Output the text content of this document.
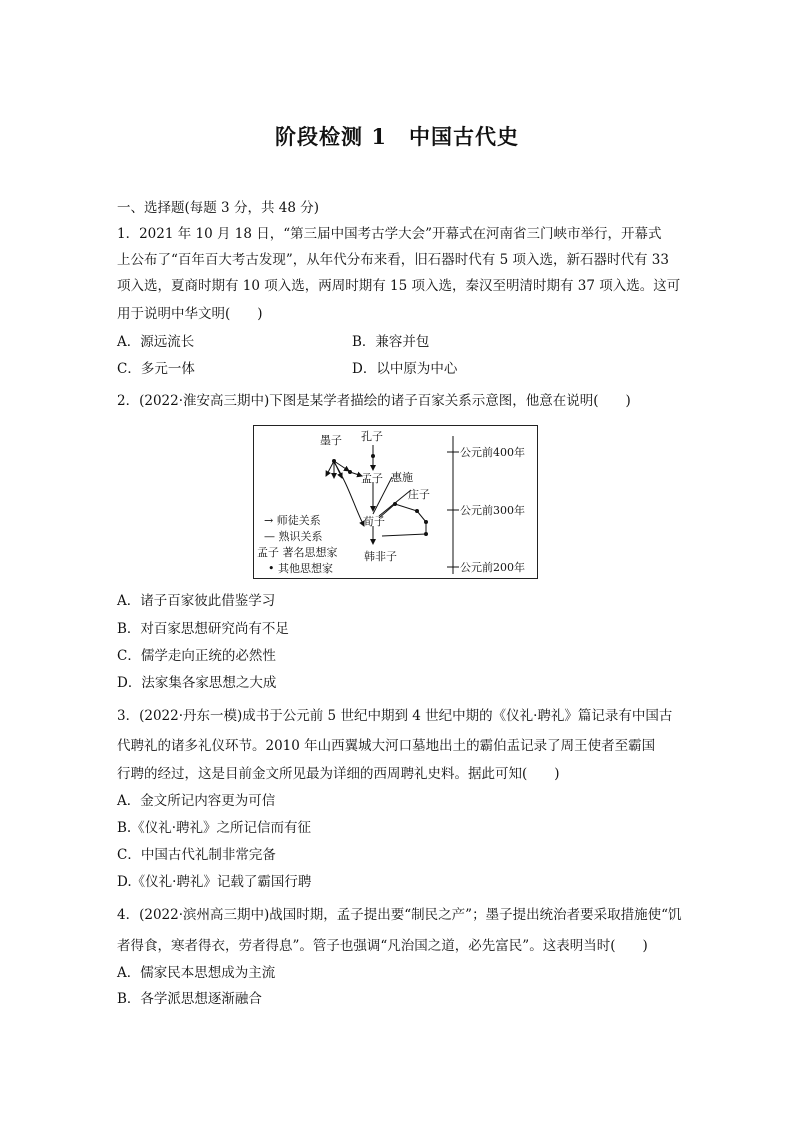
阶段检测 1　中国古代史
一、选择题(每题 3 分，共 48 分)
1．2021 年 10 月 18 日，“第三届中国考古学大会”开幕式在河南省三门峡市举行，开幕式
上公布了“百年百大考古发现”，从年代分布来看，旧石器时代有 5 项入选，新石器时代有 33
项入选，夏商时期有 10 项入选，两周时期有 15 项入选，秦汉至明清时期有 37 项入选。这可
用于说明中华文明(　　)
A．源远流长	B．兼容并包
C．多元一体	D．以中原为中心
2．(2022·淮安高三期中)下图是某学者描绘的诸子百家关系示意图，他意在说明(　　)
墨子 孔子
孟子 惠施
庄子
荀子
韩非子
→ 师徒关系
— 熟识关系
孟子 著名思想家
• 其他思想家
公元前400年
公元前300年
公元前200年
A．诸子百家彼此借鉴学习
B．对百家思想研究尚有不足
C．儒学走向正统的必然性
D．法家集各家思想之大成
3．(2022·丹东一模)成书于公元前 5 世纪中期到 4 世纪中期的《仪礼·聘礼》篇记录有中国古
代聘礼的诸多礼仪环节。2010 年山西翼城大河口墓地出土的霸伯盂记录了周王使者至霸国
行聘的经过，这是目前金文所见最为详细的西周聘礼史料。据此可知(　　)
A．金文所记内容更为可信
B.《仪礼·聘礼》之所记信而有征
C．中国古代礼制非常完备
D.《仪礼·聘礼》记载了霸国行聘
4．(2022·滨州高三期中)战国时期，孟子提出要“制民之产”；墨子提出统治者要采取措施使“饥
者得食，寒者得衣，劳者得息”。管子也强调“凡治国之道，必先富民”。这表明当时(　　)
A．儒家民本思想成为主流
B．各学派思想逐渐融合
